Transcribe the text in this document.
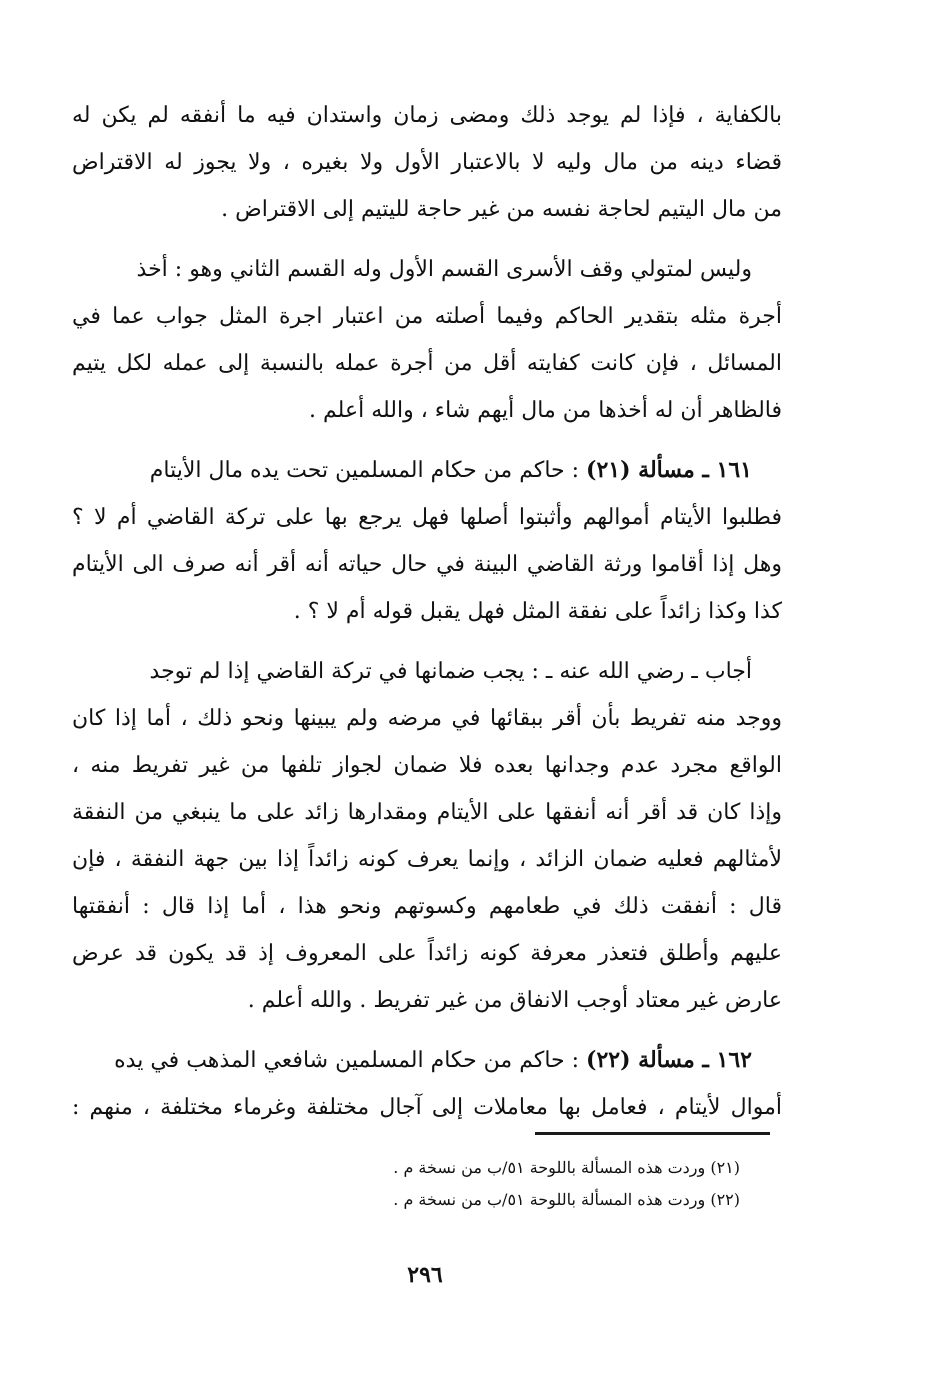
بالكفاية ، فإذا لم يوجد ذلك ومضى زمان واستدان فيه ما أنفقه لم يكن له
قضاء دينه من مال وليه لا بالاعتبار الأول ولا بغيره ، ولا يجوز له الاقتراض
من مال اليتيم لحاجة نفسه من غير حاجة لليتيم إلى الاقتراض .
وليس لمتولي وقف الأسرى القسم الأول وله القسم الثاني وهو : أخذ
أجرة مثله بتقدير الحاكم وفيما أصلته من اعتبار اجرة المثل جواب عما في
المسائل ، فإن كانت كفايته أقل من أجرة عمله بالنسبة إلى عمله لكل يتيم
فالظاهر أن له أخذها من مال أيهم شاء ، والله أعلم .
١٦١ ـ مسألة (٢١) : حاكم من حكام المسلمين تحت يده مال الأيتام
فطلبوا الأيتام أموالهم وأثبتوا أصلها فهل يرجع بها على تركة القاضي أم لا ؟
وهل إذا أقاموا ورثة القاضي البينة في حال حياته أنه أقر أنه صرف الى الأيتام
كذا وكذا زائداً على نفقة المثل فهل يقبل قوله أم لا ؟ .
أجاب ـ رضي الله عنه ـ : يجب ضمانها في تركة القاضي إذا لم توجد
ووجد منه تفريط بأن أقر ببقائها في مرضه ولم يبينها ونحو ذلك ، أما إذا كان
الواقع مجرد عدم وجدانها بعده فلا ضمان لجواز تلفها من غير تفريط منه ،
وإذا كان قد أقر أنه أنفقها على الأيتام ومقدارها زائد على ما ينبغي من النفقة
لأمثالهم فعليه ضمان الزائد ، وإنما يعرف كونه زائداً إذا بين جهة النفقة ، فإن
قال : أنفقت ذلك في طعامهم وكسوتهم ونحو هذا ، أما إذا قال : أنفقتها
عليهم وأطلق فتعذر معرفة كونه زائداً على المعروف إذ قد يكون قد عرض
عارض غير معتاد أوجب الانفاق من غير تفريط . والله أعلم .
١٦٢ ـ مسألة (٢٢) : حاكم من حكام المسلمين شافعي المذهب في يده
أموال لأيتام ، فعامل بها معاملات إلى آجال مختلفة وغرماء مختلفة ، منهم :
(٢١) وردت هذه المسألة باللوحة ٥١/ب من نسخة م .
(٢٢) وردت هذه المسألة باللوحة ٥١/ب من نسخة م .
٢٩٦
